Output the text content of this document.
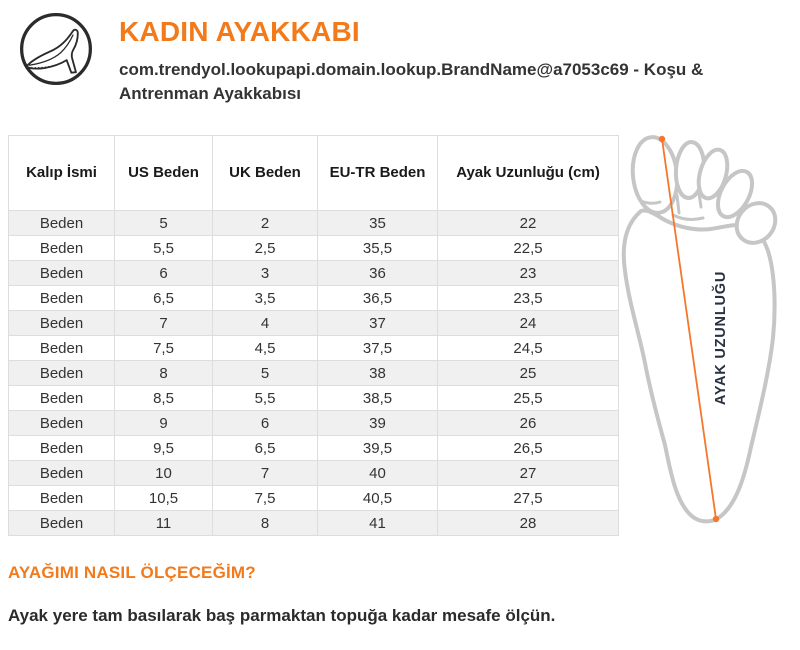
KADIN AYAKKABI
com.trendyol.lookupapi.domain.lookup.BrandName@a7053c69 - Koşu &
Antrenman Ayakkabısı
Kalıp İsmi	US Beden	UK Beden	EU-TR Beden	Ayak Uzunluğu (cm)
Beden	5	2	35	22
Beden	5,5	2,5	35,5	22,5
Beden	6	3	36	23
Beden	6,5	3,5	36,5	23,5
Beden	7	4	37	24
Beden	7,5	4,5	37,5	24,5
Beden	8	5	38	25
Beden	8,5	5,5	38,5	25,5
Beden	9	6	39	26
Beden	9,5	6,5	39,5	26,5
Beden	10	7	40	27
Beden	10,5	7,5	40,5	27,5
Beden	11	8	41	28
AYAK UZUNLUĞU
AYAĞIMI NASIL ÖLÇECEĞİM?
Ayak yere tam basılarak baş parmaktan topuğa kadar mesafe ölçün.
